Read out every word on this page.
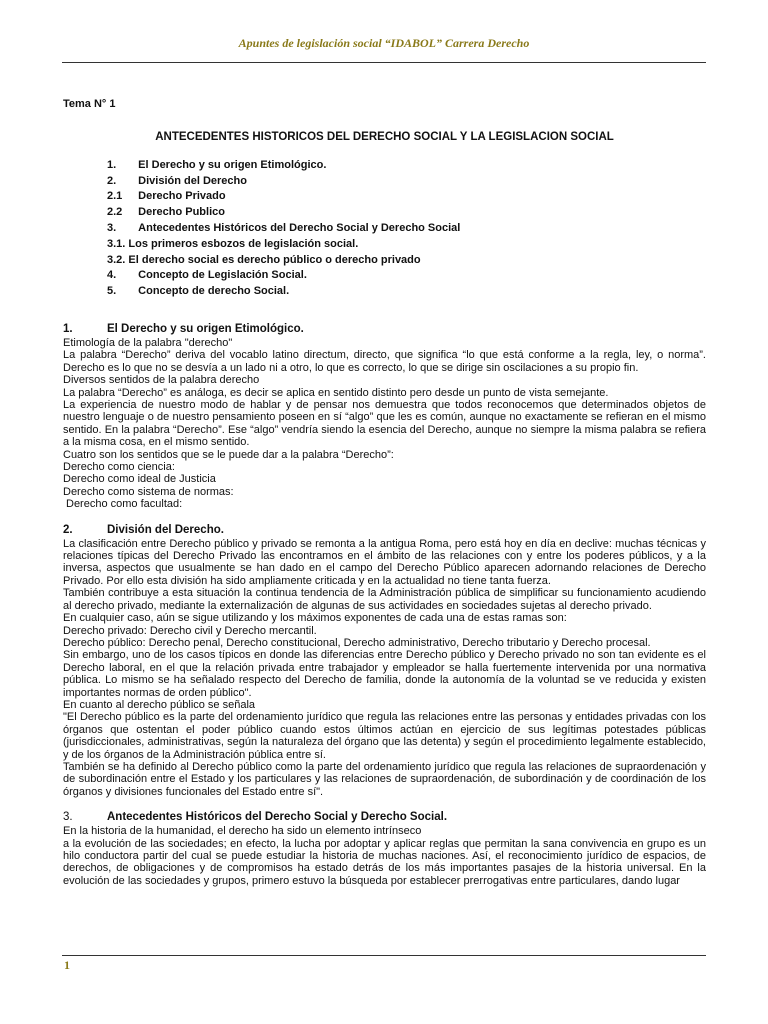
Apuntes de legislación social “IDABOL” Carrera Derecho

Tema N° 1

ANTECEDENTES HISTORICOS DEL DERECHO SOCIAL Y LA LEGISLACION SOCIAL

1. El Derecho y su origen Etimológico.
2. División del Derecho
2.1 Derecho Privado
2.2 Derecho Publico
3. Antecedentes Históricos del Derecho Social y Derecho Social
3.1. Los primeros esbozos de legislación social.
3.2. El derecho social es derecho público o derecho privado
4. Concepto de Legislación Social.
5. Concepto de derecho Social.
1.	El Derecho y su origen Etimológico.

Etimología de la palabra "derecho"

La palabra “Derecho” deriva del vocablo latino directum, directo, que significa “lo que está conforme a la regla, ley, o norma”. Derecho es lo que no se desvía a un lado ni a otro, lo que es correcto, lo que se dirige sin oscilaciones a su propio fin.

Diversos sentidos de la palabra derecho

La palabra “Derecho” es análoga, es decir se aplica en sentido distinto pero desde un punto de vista semejante.

La experiencia de nuestro modo de hablar y de pensar nos demuestra que todos reconocemos que determinados objetos de nuestro lenguaje o de nuestro pensamiento poseen en sí “algo” que les es común, aunque no exactamente se refieran en el mismo sentido. En la palabra “Derecho”. Ese “algo” vendría siendo la esencia del Derecho, aunque no siempre la misma palabra se refiera a la misma cosa, en el mismo sentido.

Cuatro son los sentidos que se le puede dar a la palabra “Derecho”:

Derecho como ciencia:

Derecho como ideal de Justicia

Derecho como sistema de normas:

Derecho como facultad:

2.	División del Derecho.

La clasificación entre Derecho público y privado se remonta a la antigua Roma, pero está hoy en día en declive: muchas técnicas y relaciones típicas del Derecho Privado las encontramos en el ámbito de las relaciones con y entre los poderes públicos, y a la inversa, aspectos que usualmente se han dado en el campo del Derecho Público aparecen adornando relaciones de Derecho Privado. Por ello esta división ha sido ampliamente criticada y en la actualidad no tiene tanta fuerza.

También contribuye a esta situación la continua tendencia de la Administración pública de simplificar su funcionamiento acudiendo al derecho privado, mediante la externalización de algunas de sus actividades en sociedades sujetas al derecho privado.

En cualquier caso, aún se sigue utilizando y los máximos exponentes de cada una de estas ramas son:

Derecho privado: Derecho civil y Derecho mercantil.

Derecho público: Derecho penal, Derecho constitucional, Derecho administrativo, Derecho tributario y Derecho procesal.

Sin embargo, uno de los casos típicos en donde las diferencias entre Derecho público y Derecho privado no son tan evidente es el Derecho laboral, en el que la relación privada entre trabajador y empleador se halla fuertemente intervenida por una normativa pública. Lo mismo se ha señalado respecto del Derecho de familia, donde la autonomía de la voluntad se ve reducida y existen importantes normas de orden público".

En cuanto al derecho público se señala

"El Derecho público es la parte del ordenamiento jurídico que regula las relaciones entre las personas y entidades privadas con los órganos que ostentan el poder público cuando estos últimos actúan en ejercicio de sus legítimas potestades públicas (jurisdiccionales, administrativas, según la naturaleza del órgano que las detenta) y según el procedimiento legalmente establecido, y de los órganos de la Administración pública entre sí.

También se ha definido al Derecho público como la parte del ordenamiento jurídico que regula las relaciones de supraordenación y de subordinación entre el Estado y los particulares y las relaciones de supraordenación, de subordinación y de coordinación de los órganos y divisiones funcionales del Estado entre sí".

3.	Antecedentes Históricos del Derecho Social y Derecho Social.

En la historia de la humanidad, el derecho ha sido un elemento intrínseco

a la evolución de las sociedades; en efecto, la lucha por adoptar y aplicar reglas que permitan la sana convivencia en grupo es un hilo conductora partir del cual se puede estudiar la historia de muchas naciones. Así, el reconocimiento jurídico de espacios, de derechos, de obligaciones y de compromisos ha estado detrás de los más importantes pasajes de la historia universal. En la evolución de las sociedades y grupos, primero estuvo la búsqueda por establecer prerrogativas entre particulares, dando lugar

1
